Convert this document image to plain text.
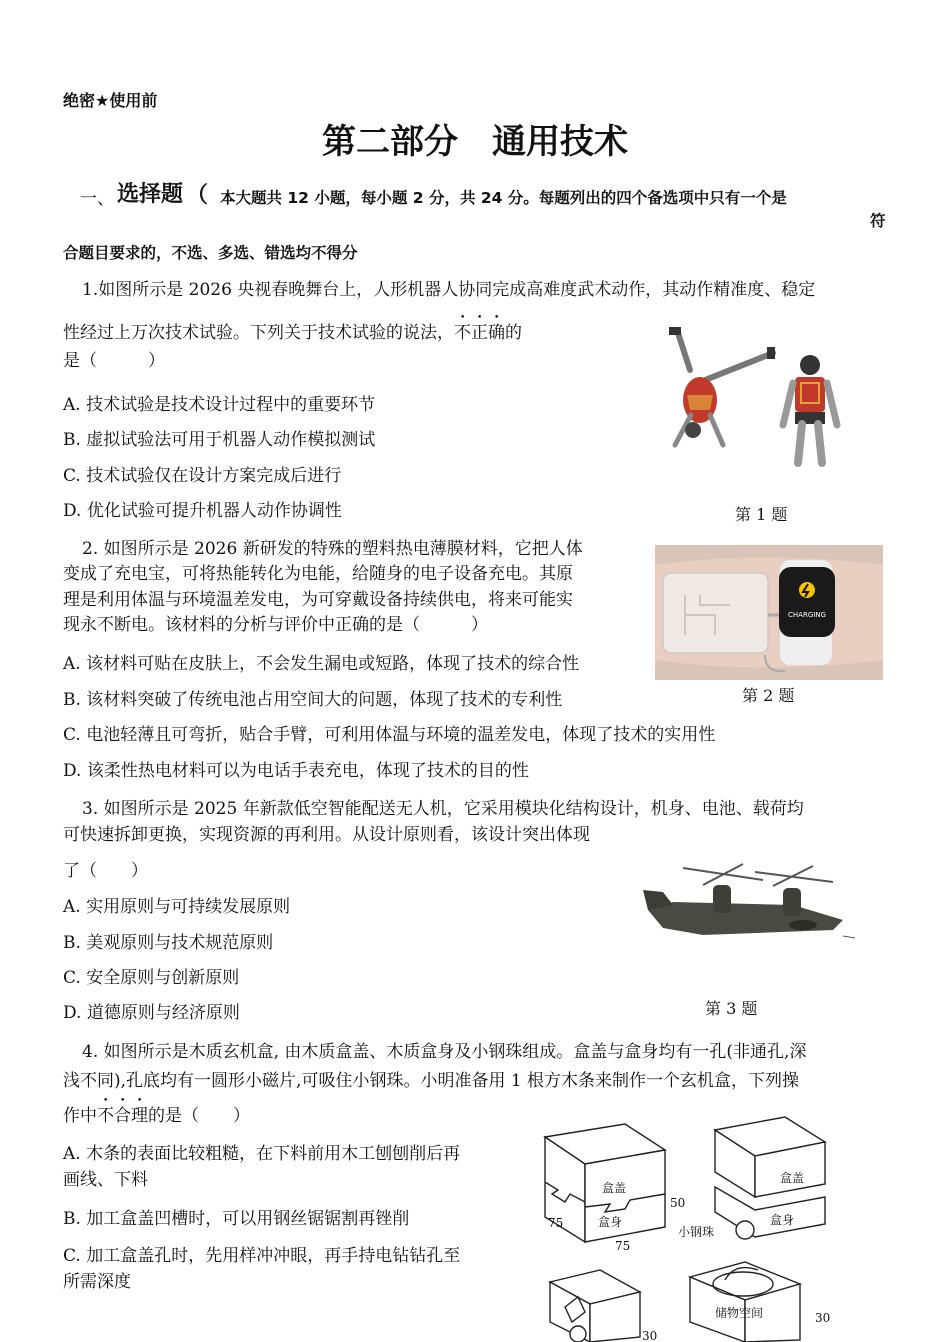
绝密★使用前
第二部分　通用技术
一、 选择题 （ 本大题共 12 小题，每小题 2 分，共 24 分。每题列出的四个备选项中只有一个是
符
合题目要求的，不选、多选、错选均不得分
1.如图所示是 2026 央视春晚舞台上，人形机器人协同完成高难度武术动作，其动作精准度、稳定
性经过上万次技术试验。下列关于技术试验的说法，不正确的
是（　　　）
A. 技术试验是技术设计过程中的重要环节
B. 虚拟试验法可用于机器人动作模拟测试
C. 技术试验仅在设计方案完成后进行
D. 优化试验可提升机器人动作协调性	第 1 题
2. 如图所示是 2026 新研发的特殊的塑料热电薄膜材料，它把人体
变成了充电宝，可将热能转化为电能，给随身的电子设备充电。其原
理是利用体温与环境温差发电，为可穿戴设备持续供电，将来可能实
现永不断电。该材料的分析与评价中正确的是（　　　）
A. 该材料可贴在皮肤上，不会发生漏电或短路，体现了技术的综合性
B. 该材料突破了传统电池占用空间大的问题，体现了技术的专利性
C. 电池轻薄且可弯折，贴合手臂，可利用体温与环境的温差发电，体现了技术的实用性
D. 该柔性热电材料可以为电话手表充电，体现了技术的目的性
CHARGING
第 2 题
3. 如图所示是 2025 年新款低空智能配送无人机，它采用模块化结构设计，机身、电池、载荷均
可快速拆卸更换，实现资源的再利用。从设计原则看，该设计突出体现
了（　　）
A. 实用原则与可持续发展原则
B. 美观原则与技术规范原则
C. 安全原则与创新原则
D. 道德原则与经济原则	第 3 题
4. 如图所示是木质玄机盒, 由木质盒盖、木质盒身及小钢珠组成。盒盖与盒身均有一孔(非通孔,深
浅不同),孔底均有一圆形小磁片,可吸住小钢珠。小明准备用 1 根方木条来制作一个玄机盒，下列操
作中不合理的是（　　）
A. 木条的表面比较粗糙，在下料前用木工刨刨削后再
画线、下料
B. 加工盒盖凹槽时，可以用钢丝锯锯割再锉削
C. 加工盒盖孔时，先用样冲冲眼，再手持电钻钻孔至
所需深度
盒盖
盒身
盒盖
盒身
小钢珠
储物空间
75
75
50
30
30
